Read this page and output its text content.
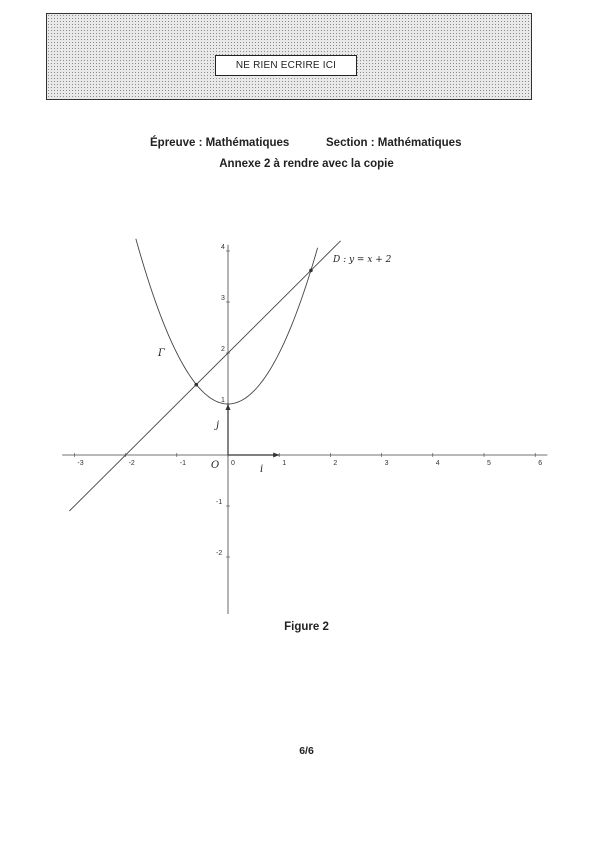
NE RIEN ECRIRE ICI
Épreuve : Mathématiques	Section : Mathématiques
Annexe 2 à rendre avec la copie
-3	-2	-1	0	1	2	3	4	5	6
-2
-1
1
2
3
4
O	i
j
Γ
D : y = x + 2
Figure 2
6/6
